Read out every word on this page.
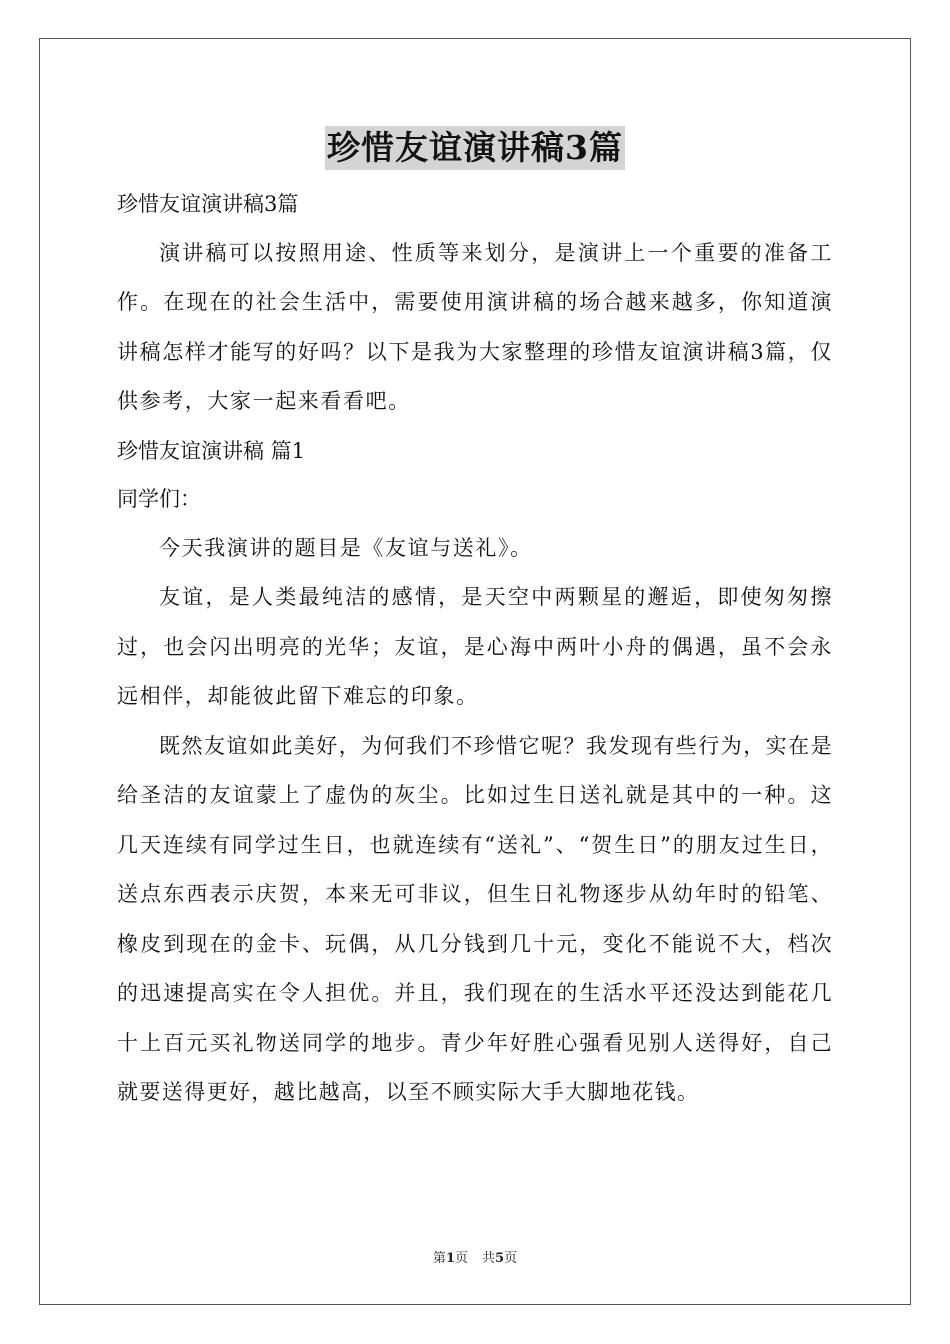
珍惜友谊演讲稿3篇

珍惜友谊演讲稿3篇

演讲稿可以按照用途、性质等来划分，是演讲上一个重要的准备工作。在现在的社会生活中，需要使用演讲稿的场合越来越多，你知道演讲稿怎样才能写的好吗？以下是我为大家整理的珍惜友谊演讲稿3篇，仅供参考，大家一起来看看吧。

珍惜友谊演讲稿 篇1

同学们：

今天我演讲的题目是《友谊与送礼》。

友谊，是人类最纯洁的感情，是天空中两颗星的邂逅，即使匆匆擦过，也会闪出明亮的光华；友谊，是心海中两叶小舟的偶遇，虽不会永远相伴，却能彼此留下难忘的印象。

既然友谊如此美好，为何我们不珍惜它呢？我发现有些行为，实在是给圣洁的友谊蒙上了虚伪的灰尘。比如过生日送礼就是其中的一种。这几天连续有同学过生日，也就连续有“送礼”、“贺生日”的朋友过生日，送点东西表示庆贺，本来无可非议，但生日礼物逐步从幼年时的铅笔、橡皮到现在的金卡、玩偶，从几分钱到几十元，变化不能说不大，档次的迅速提高实在令人担优。并且，我们现在的生活水平还没达到能花几十上百元买礼物送同学的地步。青少年好胜心强看见别人送得好，自己就要送得更好，越比越高，以至不顾实际大手大脚地花钱。

第1页 共5页
